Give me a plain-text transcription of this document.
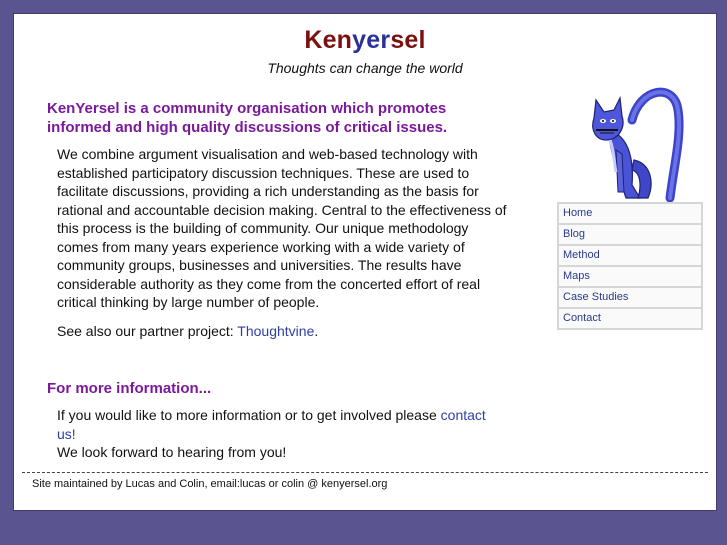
Kenyersel
Thoughts can change the world
KenYersel is a community organisation which promotes informed and high quality discussions of critical issues.
We combine argument visualisation and web-based technology with established participatory discussion techniques. These are used to facilitate discussions, providing a rich understanding as the basis for rational and accountable decision making. Central to the effectiveness of this process is the building of community. Our unique methodology comes from many years experience working with a wide variety of community groups, businesses and universities. The results have considerable authority as they come from the concerted effort of real critical thinking by large number of people.
See also our partner project: Thoughtvine.
For more information...
If you would like to more information or to get involved please contact us!
We look forward to hearing from you!
Home
Blog
Method
Maps
Case Studies
Contact
Site maintained by Lucas and Colin, email:lucas or colin @ kenyersel.org
